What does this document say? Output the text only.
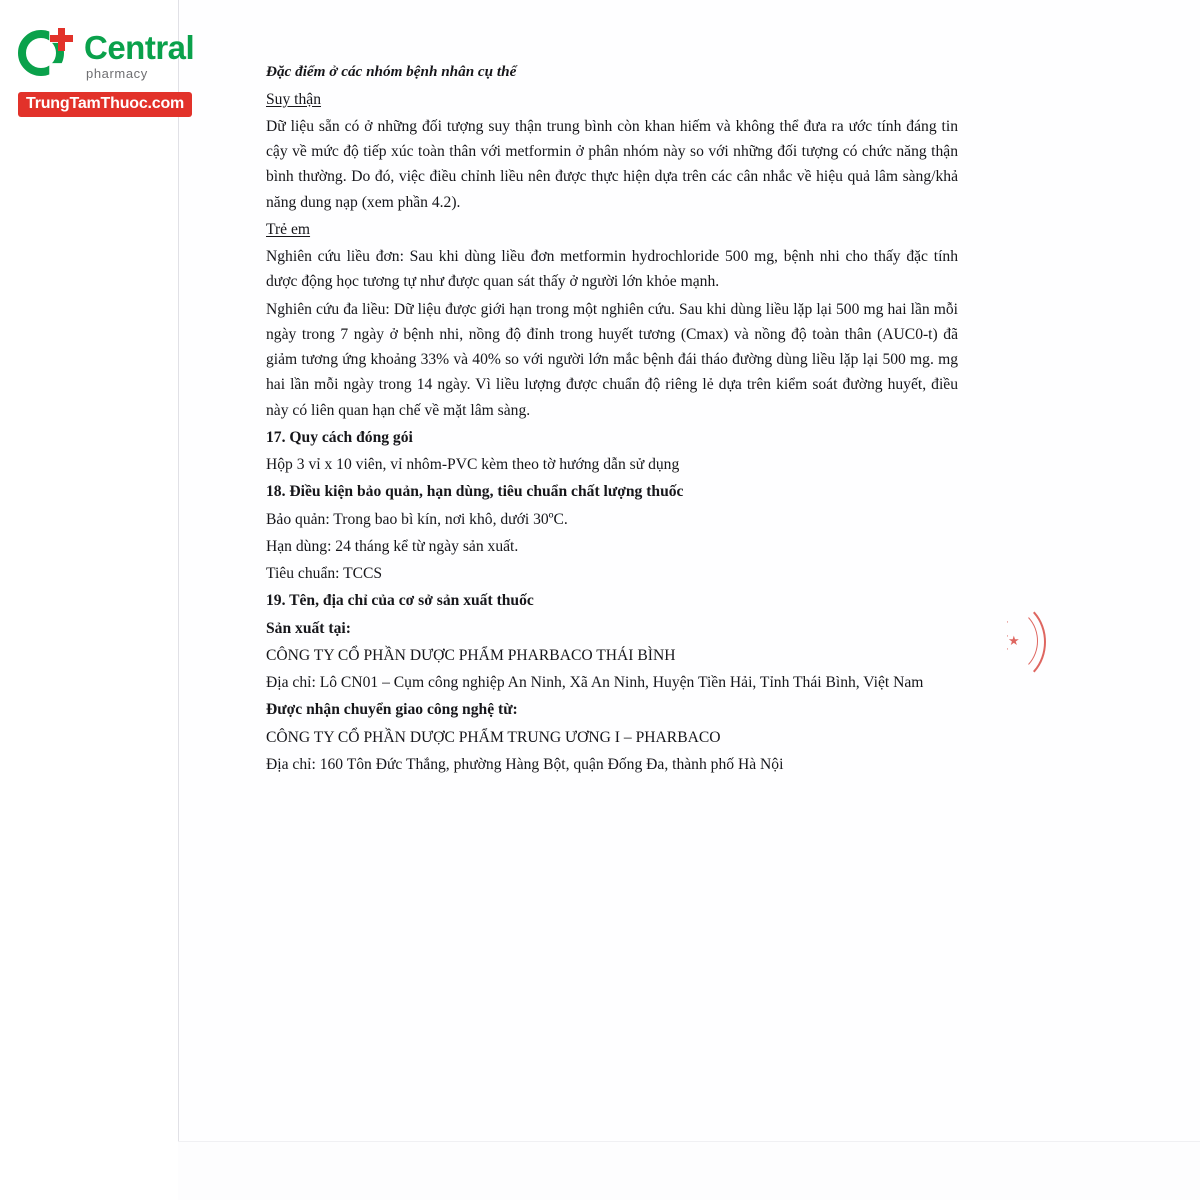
Central
pharmacy
TrungTamThuoc.com
·
·
·
★

Đặc điểm ở các nhóm bệnh nhân cụ thể

Suy thận

Dữ liệu sẵn có ở những đối tượng suy thận trung bình còn khan hiếm và không thể đưa ra ước tính đáng tin cậy về mức độ tiếp xúc toàn thân với metformin ở phân nhóm này so với những đối tượng có chức năng thận bình thường. Do đó, việc điều chỉnh liều nên được thực hiện dựa trên các cân nhắc về hiệu quả lâm sàng/khả năng dung nạp (xem phần 4.2).

Trẻ em

Nghiên cứu liều đơn: Sau khi dùng liều đơn metformin hydrochloride 500 mg, bệnh nhi cho thấy đặc tính dược động học tương tự như được quan sát thấy ở người lớn khỏe mạnh.

Nghiên cứu đa liều: Dữ liệu được giới hạn trong một nghiên cứu. Sau khi dùng liều lặp lại 500 mg hai lần mỗi ngày trong 7 ngày ở bệnh nhi, nồng độ đỉnh trong huyết tương (Cmax) và nồng độ toàn thân (AUC0-t) đã giảm tương ứng khoảng 33% và 40% so với người lớn mắc bệnh đái tháo đường dùng liều lặp lại 500 mg. mg hai lần mỗi ngày trong 14 ngày. Vì liều lượng được chuẩn độ riêng lẻ dựa trên kiểm soát đường huyết, điều này có liên quan hạn chế về mặt lâm sàng.

17. Quy cách đóng gói

Hộp 3 vỉ x 10 viên, vỉ nhôm-PVC kèm theo tờ hướng dẫn sử dụng

18. Điều kiện bảo quản, hạn dùng, tiêu chuẩn chất lượng thuốc

Bảo quản: Trong bao bì kín, nơi khô, dưới 30ºC.

Hạn dùng: 24 tháng kể từ ngày sản xuất.

Tiêu chuẩn: TCCS

19. Tên, địa chỉ của cơ sở sản xuất thuốc

Sản xuất tại:

CÔNG TY CỔ PHẦN DƯỢC PHẨM PHARBACO THÁI BÌNH

Địa chỉ: Lô CN01 – Cụm công nghiệp An Ninh, Xã An Ninh, Huyện Tiền Hải, Tỉnh Thái Bình, Việt Nam

Được nhận chuyển giao công nghệ từ:

CÔNG TY CỔ PHẦN DƯỢC PHẨM TRUNG ƯƠNG I – PHARBACO

Địa chỉ: 160 Tôn Đức Thắng, phường Hàng Bột, quận Đống Đa, thành phố Hà Nội
